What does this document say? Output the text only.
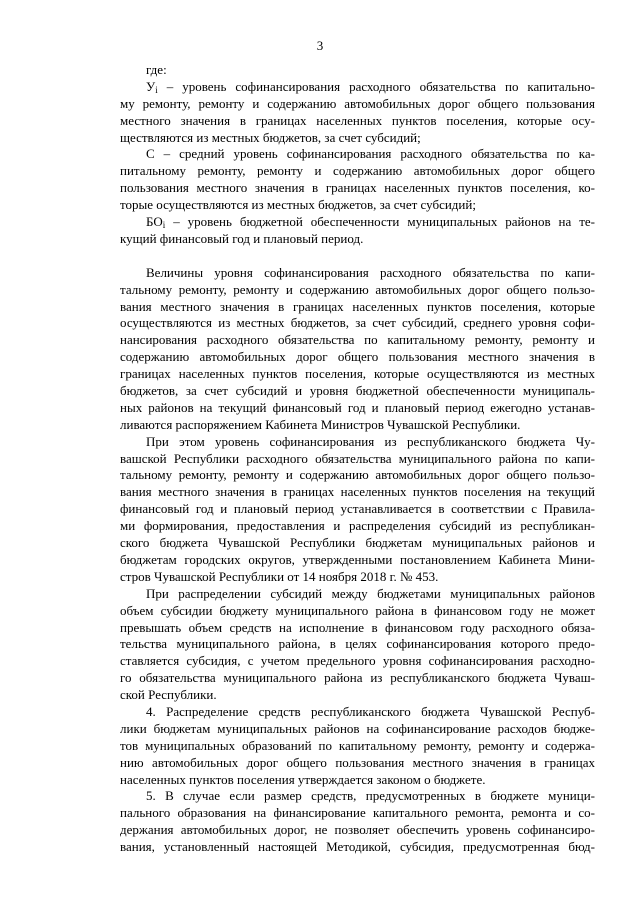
3
где:
$У_i$ – уровень софинансирования расходного обязательства по капитально-
му ремонту, ремонту и содержанию автомобильных дорог общего пользования
местного значения в границах населенных пунктов поселения, которые осу-
ществляются из местных бюджетов, за счет субсидий;
С – средний уровень софинансирования расходного обязательства по ка-
питальному ремонту, ремонту и содержанию автомобильных дорог общего
пользования местного значения в границах населенных пунктов поселения, ко-
торые осуществляются из местных бюджетов, за счет субсидий;
$БО_i$ – уровень бюджетной обеспеченности муниципальных районов на те-
кущий финансовый год и плановый период.
Величины уровня софинансирования расходного обязательства по капи-
тальному ремонту, ремонту и содержанию автомобильных дорог общего пользо-
вания местного значения в границах населенных пунктов поселения, которые
осуществляются из местных бюджетов, за счет субсидий, среднего уровня софи-
нансирования расходного обязательства по капитальному ремонту, ремонту и
содержанию автомобильных дорог общего пользования местного значения в
границах населенных пунктов поселения, которые осуществляются из местных
бюджетов, за счет субсидий и уровня бюджетной обеспеченности муниципаль-
ных районов на текущий финансовый год и плановый период ежегодно устанав-
ливаются распоряжением Кабинета Министров Чувашской Республики.
При этом уровень софинансирования из республиканского бюджета Чу-
вашской Республики расходного обязательства муниципального района по капи-
тальному ремонту, ремонту и содержанию автомобильных дорог общего пользо-
вания местного значения в границах населенных пунктов поселения на текущий
финансовый год и плановый период устанавливается в соответствии с Правила-
ми формирования, предоставления и распределения субсидий из республикан-
ского бюджета Чувашской Республики бюджетам муниципальных районов и
бюджетам городских округов, утвержденными постановлением Кабинета Мини-
стров Чувашской Республики от 14 ноября 2018 г. № 453.
При распределении субсидий между бюджетами муниципальных районов
объем субсидии бюджету муниципального района в финансовом году не может
превышать объем средств на исполнение в финансовом году расходного обяза-
тельства муниципального района, в целях софинансирования которого предо-
ставляется субсидия, с учетом предельного уровня софинансирования расходно-
го обязательства муниципального района из республиканского бюджета Чуваш-
ской Республики.
4. Распределение средств республиканского бюджета Чувашской Респуб-
лики бюджетам муниципальных районов на софинансирование расходов бюдже-
тов муниципальных образований по капитальному ремонту, ремонту и содержа-
нию автомобильных дорог общего пользования местного значения в границах
населенных пунктов поселения утверждается законом о бюджете.
5. В случае если размер средств, предусмотренных в бюджете муници-
пального образования на финансирование капитального ремонта, ремонта и со-
держания автомобильных дорог, не позволяет обеспечить уровень софинансиро-
вания, установленный настоящей Методикой, субсидия, предусмотренная бюд-
